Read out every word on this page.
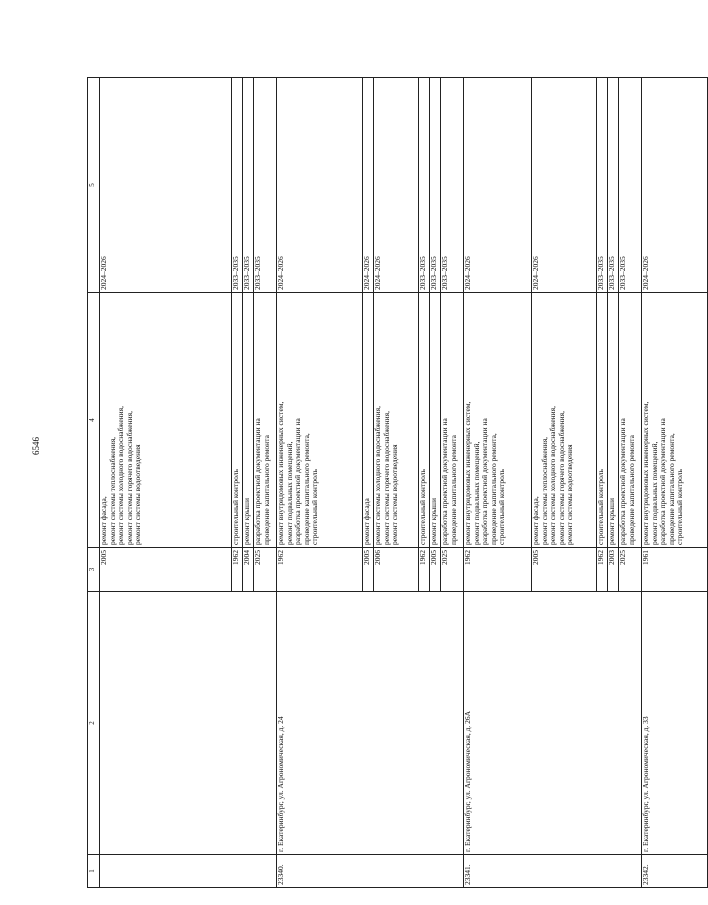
6546
1	2	3	4	5
		2005	ремонт фасада, ремонт системы теплоснабжения, ремонт системы холодного водоснабжения, ремонт системы горячего водоснабжения, ремонт системы водоотведения	2024–2026
		1962	строительный контроль	2033–2035
		2004	ремонт крыши	2033–2035
		2025	разработка проектной документации на проведение капитального ремонта	2033–2035
23340.	г. Екатеринбург, ул. Агрономическая, д. 24	1962	ремонт внутридомовых инженерных систем, ремонт подвальных помещений, разработка проектной документации на проведение капитального ремонта, строительный контроль	2024–2026
		2005	ремонт фасада	2024–2026
		2006	ремонт системы холодного водоснабжения, ремонт системы горячего водоснабжения, ремонт системы водоотведения	2024–2026
		1962	строительный контроль	2033–2035
		2005	ремонт крыши	2033–2035
		2025	разработка проектной документации на проведение капитального ремонта	2033–2035
23341.	г. Екатеринбург, ул. Агрономическая, д. 26А	1962	ремонт внутридомовых инженерных систем, ремонт подвальных помещений, разработка проектной документации на проведение капитального ремонта, строительный контроль	2024–2026
		2005	ремонт фасада, ремонт системы теплоснабжения, ремонт системы холодного водоснабжения, ремонт системы горячего водоснабжения, ремонт системы водоотведения	2024–2026
		1962	строительный контроль	2033–2035
		2003	ремонт крыши	2033–2035
		2025	разработка проектной документации на проведение капитального ремонта	2033–2035
23342.	г. Екатеринбург, ул. Агрономическая, д. 33	1961	ремонт внутридомовых инженерных систем, ремонт подвальных помещений, разработка проектной документации на проведение капитального ремонта, строительный контроль	2024–2026
